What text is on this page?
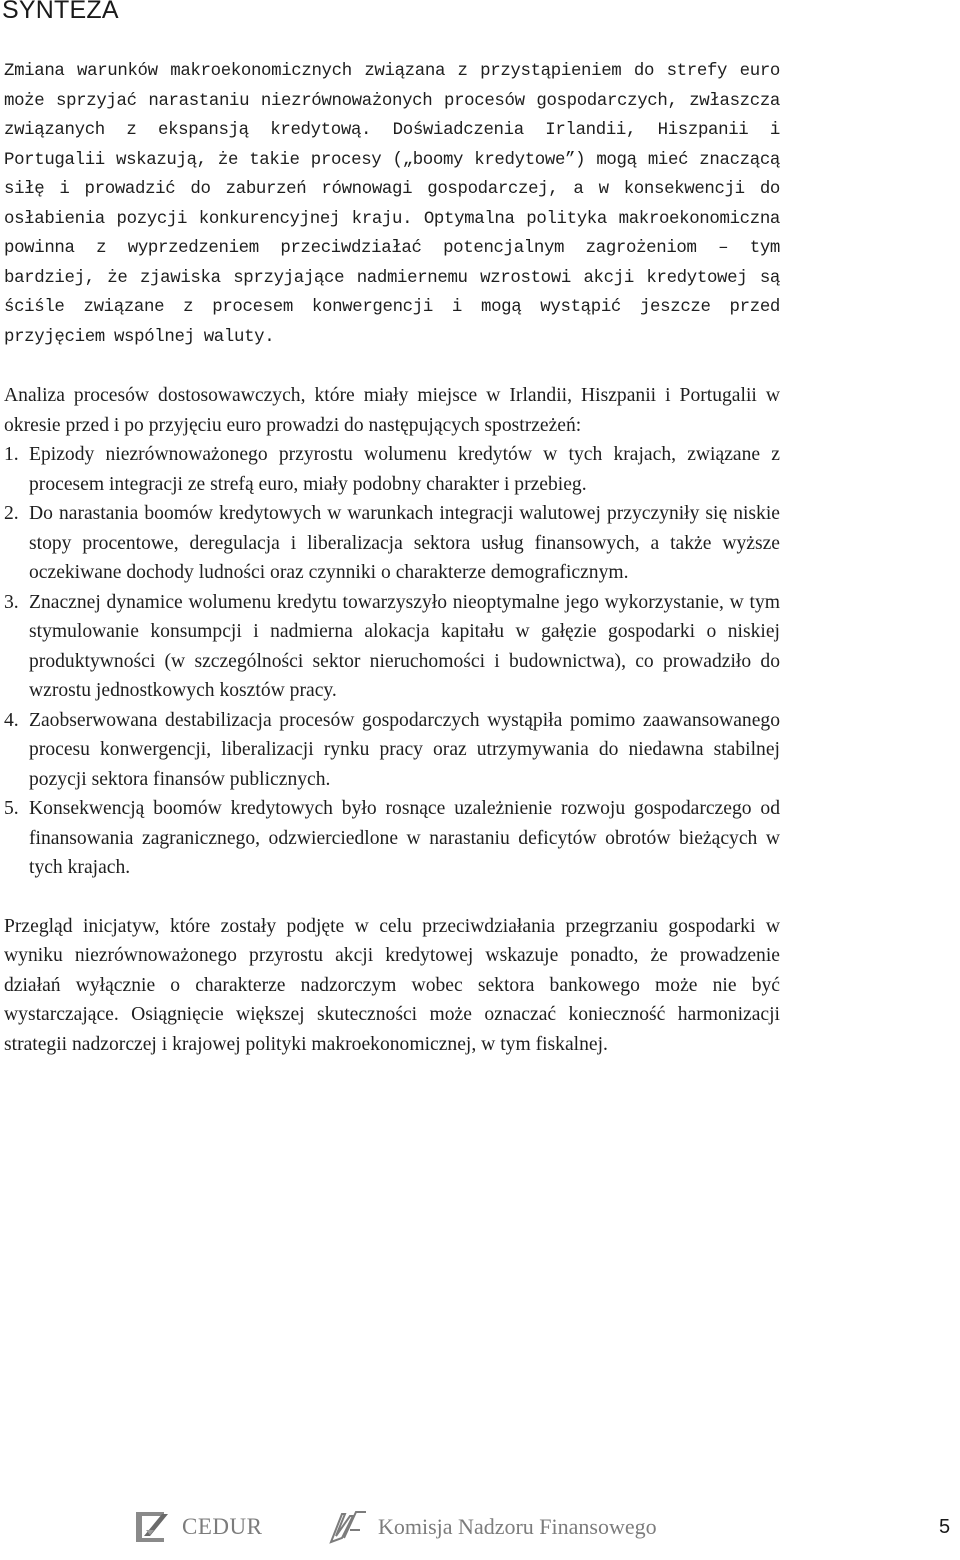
SYNTEZA

Zmiana warunków makroekonomicznych związana z przystąpieniem do strefy euro może sprzyjać narastaniu niezrównoważonych procesów gospodarczych, zwłaszcza związanych z ekspansją kredytową. Doświadczenia Irlandii, Hiszpanii i Portugalii wskazują, że takie procesy („boomy kredytowe”) mogą mieć znaczącą siłę i prowadzić do zaburzeń równowagi gospodarczej, a w konsekwencji do osłabienia pozycji konkurencyjnej kraju. Optymalna polityka makroekonomiczna powinna z wyprzedzeniem przeciwdziałać potencjalnym zagrożeniom – tym bardziej, że zjawiska sprzyjające nadmiernemu wzrostowi akcji kredytowej są ściśle związane z procesem konwergencji i mogą wystąpić jeszcze przed przyjęciem wspólnej waluty.

Analiza procesów dostosowawczych, które miały miejsce w Irlandii, Hiszpanii i Portugalii w okresie przed i po przyjęciu euro prowadzi do następujących spostrzeżeń:

1. Epizody niezrównoważonego przyrostu wolumenu kredytów w tych krajach, związane z procesem integracji ze strefą euro, miały podobny charakter i przebieg.
2. Do narastania boomów kredytowych w warunkach integracji walutowej przyczyniły się niskie stopy procentowe, deregulacja i liberalizacja sektora usług finansowych, a także wyższe oczekiwane dochody ludności oraz czynniki o charakterze demograficznym.
3. Znacznej dynamice wolumenu kredytu towarzyszyło nieoptymalne jego wykorzystanie, w tym stymulowanie konsumpcji i nadmierna alokacja kapitału w gałęzie gospodarki o niskiej produktywności (w szczególności sektor nieruchomości i budownictwa), co prowadziło do wzrostu jednostkowych kosztów pracy.
4. Zaobserwowana destabilizacja procesów gospodarczych wystąpiła pomimo zaawansowanego procesu konwergencji, liberalizacji rynku pracy oraz utrzymywania do niedawna stabilnej pozycji sektora finansów publicznych.
5. Konsekwencją boomów kredytowych było rosnące uzależnienie rozwoju gospodarczego od finansowania zagranicznego, odzwierciedlone w narastaniu deficytów obrotów bieżących w tych krajach.

Przegląd inicjatyw, które zostały podjęte w celu przeciwdziałania przegrzaniu gospodarki w wyniku niezrównoważonego przyrostu akcji kredytowej wskazuje ponadto, że prowadzenie działań wyłącznie o charakterze nadzorczym wobec sektora bankowego może nie być wystarczające. Osiągnięcie większej skuteczności może oznaczać konieczność harmonizacji strategii nadzorczej i krajowej polityki makroekonomicznej, w tym fiskalnej.

CEDUR	Komisja Nadzoru Finansowego	5
